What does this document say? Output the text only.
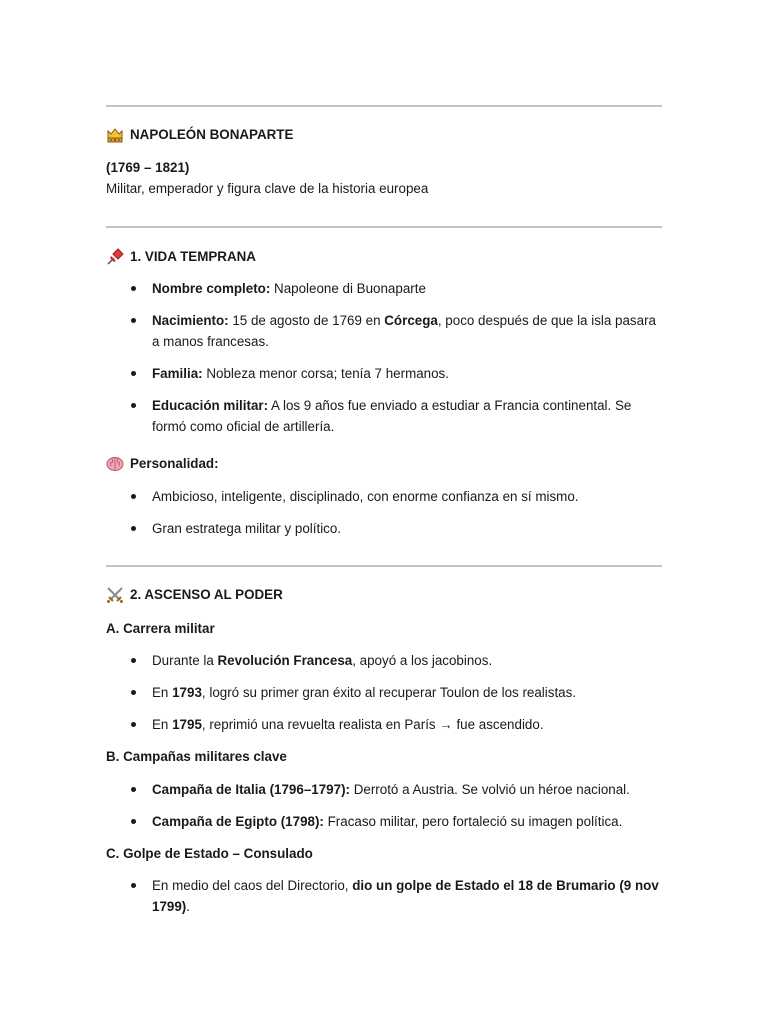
NAPOLEÓN BONAPARTE
(1769 – 1821)
Militar, emperador y figura clave de la historia europea
1. VIDA TEMPRANA
Nombre completo: Napoleone di Buonaparte
Nacimiento: 15 de agosto de 1769 en Córcega, poco después de que la isla pasara a manos francesas.
Familia: Nobleza menor corsa; tenía 7 hermanos.
Educación militar: A los 9 años fue enviado a estudiar a Francia continental. Se formó como oficial de artillería.
Personalidad:
Ambicioso, inteligente, disciplinado, con enorme confianza en sí mismo.
Gran estratega militar y político.
2. ASCENSO AL PODER
A. Carrera militar
Durante la Revolución Francesa, apoyó a los jacobinos.
En 1793, logró su primer gran éxito al recuperar Toulon de los realistas.
En 1795, reprimió una revuelta realista en París → fue ascendido.
B. Campañas militares clave
Campaña de Italia (1796–1797): Derrotó a Austria. Se volvió un héroe nacional.
Campaña de Egipto (1798): Fracaso militar, pero fortaleció su imagen política.
C. Golpe de Estado – Consulado
En medio del caos del Directorio, dio un golpe de Estado el 18 de Brumario (9 nov 1799).
